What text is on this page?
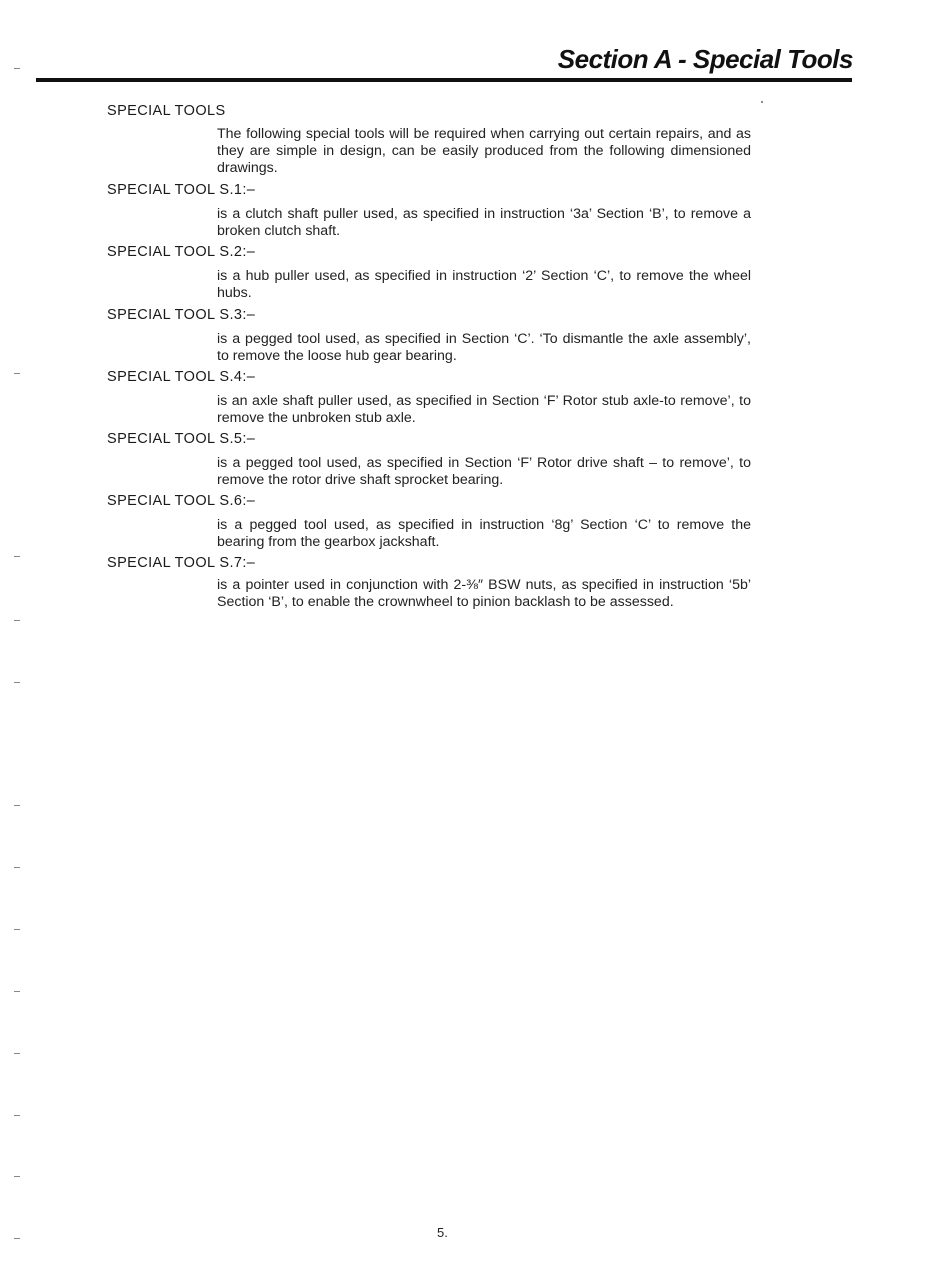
Section A - Special Tools
SPECIAL TOOLS
The following special tools will be required when carrying out certain repairs, and as they are simple in design, can be easily produced from the following dimensioned drawings.
SPECIAL TOOL S.1:–
is a clutch shaft puller used, as specified in instruction ‘3a’ Section ‘B’, to remove a broken clutch shaft.
SPECIAL TOOL S.2:–
is a hub puller used, as specified in instruction ‘2’ Section ‘C’, to remove the wheel hubs.
SPECIAL TOOL S.3:–
is a pegged tool used, as specified in Section ‘C’. ‘To dismantle the axle assembly’, to remove the loose hub gear bearing.
SPECIAL TOOL S.4:–
is an axle shaft puller used, as specified in Section ‘F’ Rotor stub axle-to remove’, to remove the unbroken stub axle.
SPECIAL TOOL S.5:–
is a pegged tool used, as specified in Section ‘F’ Rotor drive shaft – to remove’, to remove the rotor drive shaft sprocket bearing.
SPECIAL TOOL S.6:–
is a pegged tool used, as specified in instruction ‘8g’ Section ‘C’ to remove the bearing from the gearbox jackshaft.
SPECIAL TOOL S.7:–
is a pointer used in conjunction with 2-⅜″ BSW nuts, as specified in instruction ‘5b’ Section ‘B’, to enable the crownwheel to pinion backlash to be assessed.
5.
